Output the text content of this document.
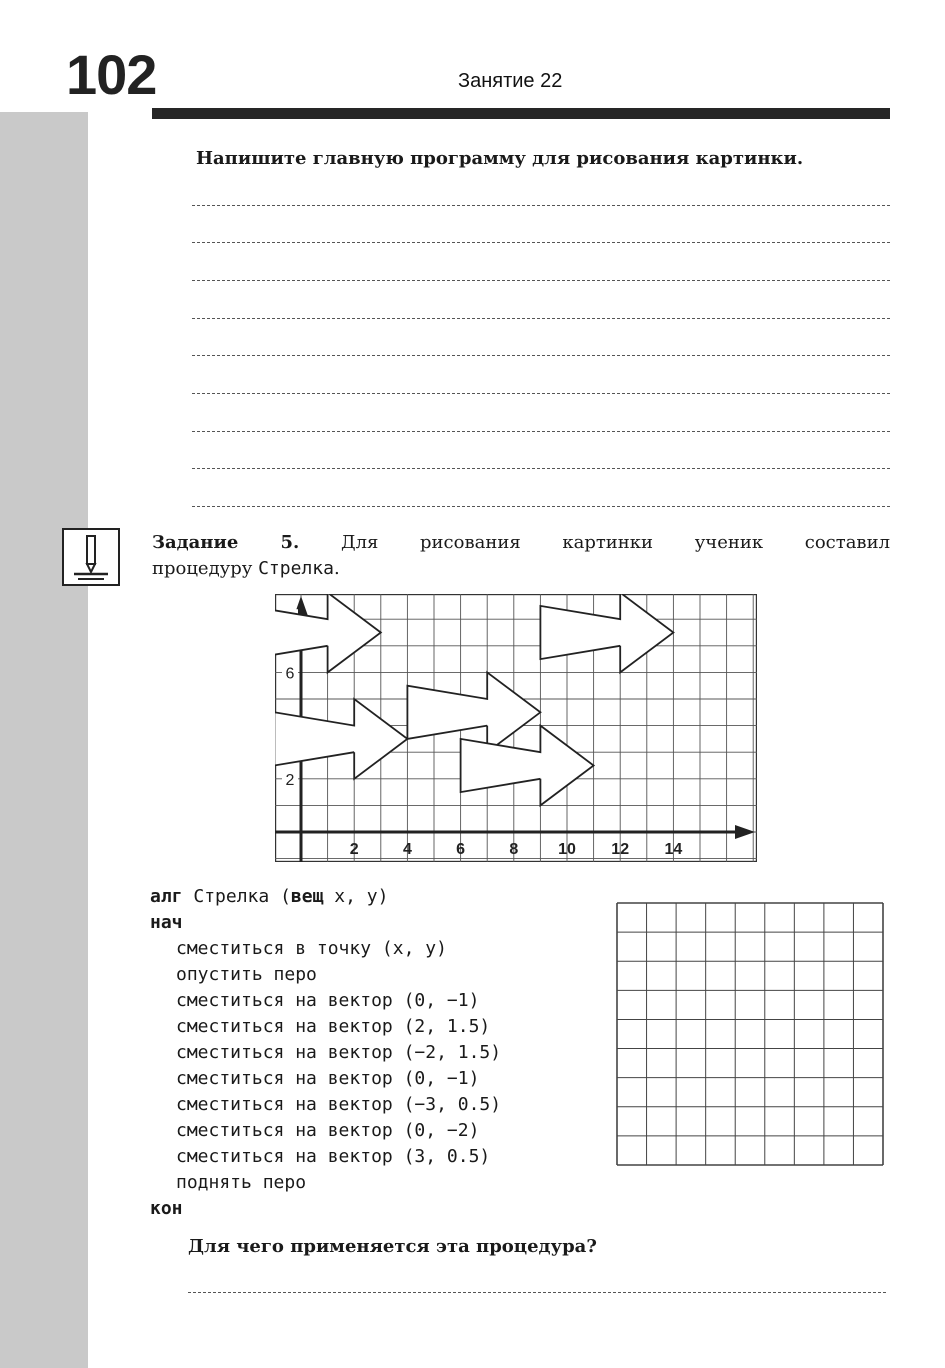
102	Занятие 22
Напишите главную программу для рисования картинки.
Задание 5. Для рисования картинки ученик составил
процедуру Стрелка.
2	4	6	8 10 12 14
2
6
алг Стрелка (вещ x, y)
нач
сместиться в точку (x, y)
опустить перо
сместиться на вектор (0, −1)
сместиться на вектор (2, 1.5)
сместиться на вектор (−2, 1.5)
сместиться на вектор (0, −1)
сместиться на вектор (−3, 0.5)
сместиться на вектор (0, −2)
сместиться на вектор (3, 0.5)
поднять перо
кон
Для чего применяется эта процедура?
